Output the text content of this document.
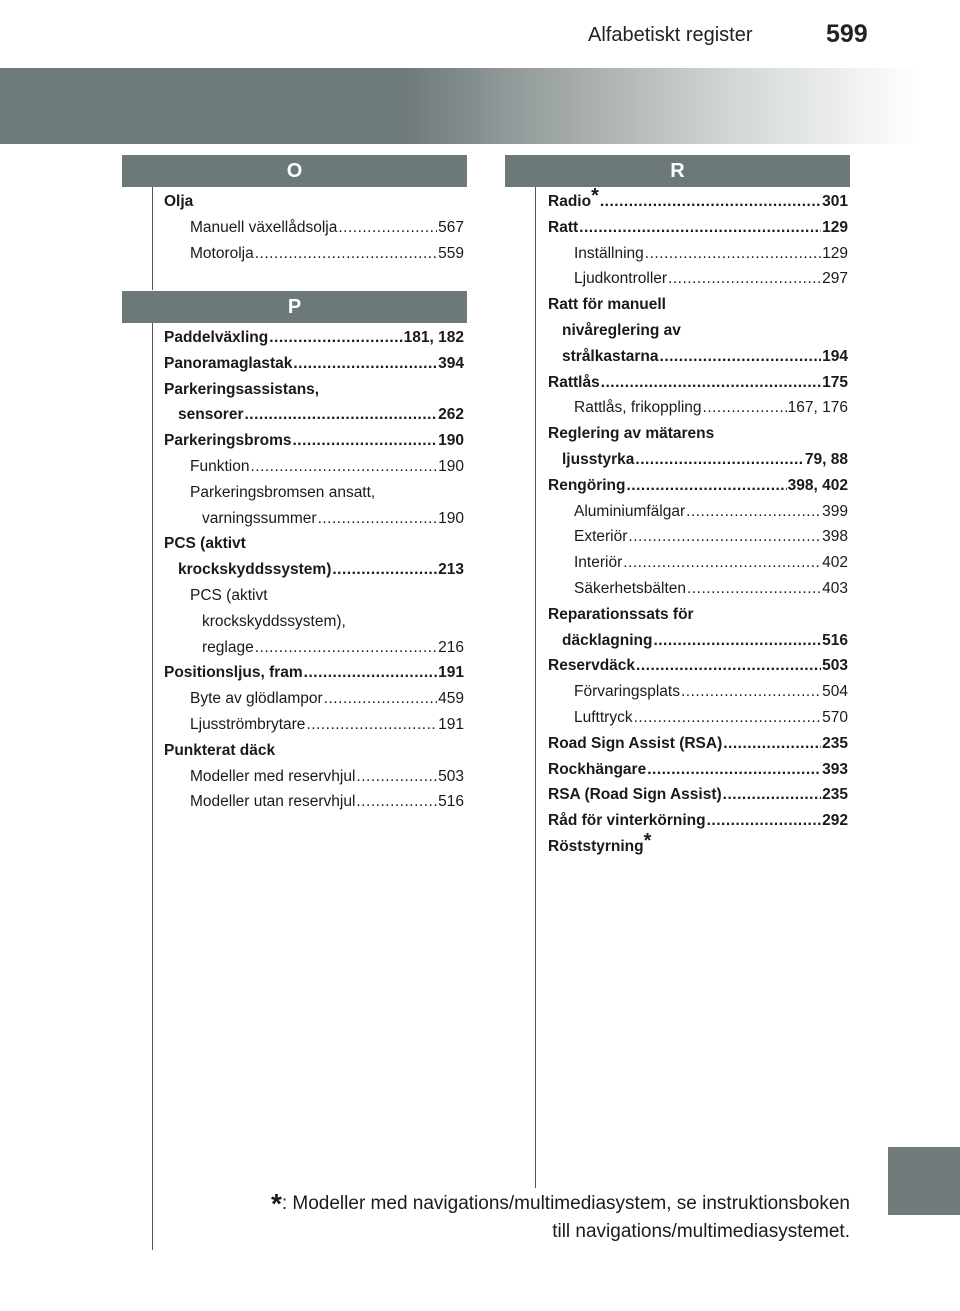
Alfabetiskt register	599
O
P
R
Olja
Manuell växellådsolja .....	567
Motorolja .....	559
Paddelväxling .....	181, 182
Panoramaglastak .....	394
Parkeringsassistans,
sensorer .....	262
Parkeringsbroms .....	190
Funktion .....	190
Parkeringsbromsen ansatt,
varningssummer .....	190
PCS (aktivt
krockskyddssystem) .....	213
PCS (aktivt
krockskyddssystem),
reglage .....	216
Positionsljus, fram .....	191
Byte av glödlampor .....	459
Ljusströmbrytare .....	191
Punkterat däck
Modeller med reservhjul .....	503
Modeller utan reservhjul .....	516
Radio* .....	301
Ratt .....	129
Inställning .....	129
Ljudkontroller .....	297
Ratt för manuell
nivåreglering av
strålkastarna .....	194
Rattlås .....	175
Rattlås, frikoppling .....	167, 176
Reglering av mätarens
ljusstyrka .....	79, 88
Rengöring .....	398, 402
Aluminiumfälgar .....	399
Exteriör .....	398
Interiör .....	402
Säkerhetsbälten .....	403
Reparationssats för
däcklagning .....	516
Reservdäck .....	503
Förvaringsplats .....	504
Lufttryck .....	570
Road Sign Assist (RSA) .....	235
Rockhängare .....	393
RSA (Road Sign Assist) .....	235
Råd för vinterkörning .....	292
Röststyrning*
*: Modeller med navigations/multimediasystem, se instruktionsboken
till navigations/multimediasystemet.
